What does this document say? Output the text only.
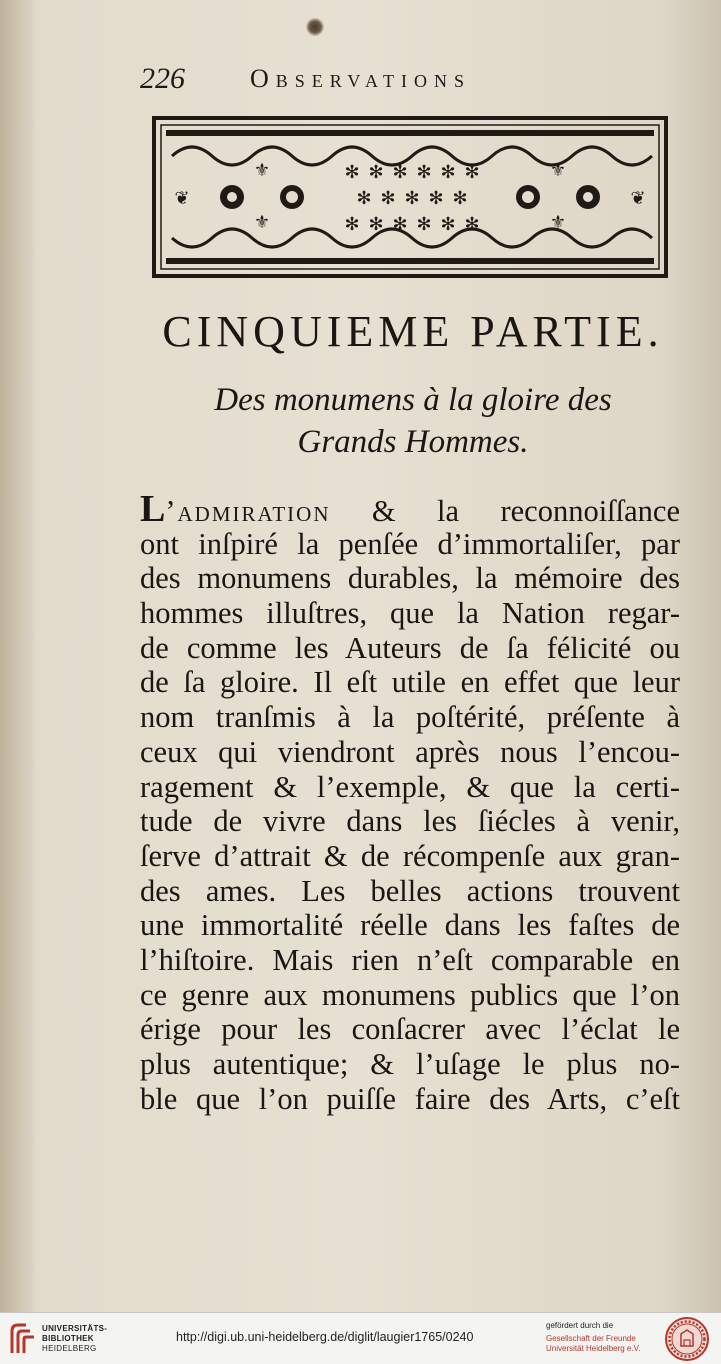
226	Observations
✻ ✻ ✻ ✻ ✻ ✻
✻ ✻ ✻ ✻ ✻
✻ ✻ ✻ ✻ ✻ ✻
❦	❦
⚜	⚜
⚜	⚜
CINQUIEME PARTIE.
Des monumens à la gloire des
Grands Hommes.
L’admiration & la reconnoiſſance
ont inſpiré la penſée d’immortaliſer, par
des monumens durables, la mémoire des
hommes illuſtres, que la Nation regar-
de comme les Auteurs de ſa félicité ou
de ſa gloire. Il eſt utile en effet que leur
nom tranſmis à la poſtérité, préſente à
ceux qui viendront après nous l’encou-
ragement & l’exemple, & que la certi-
tude de vivre dans les ſiécles à venir,
ſerve d’attrait & de récompenſe aux gran-
des ames. Les belles actions trouvent
une immortalité réelle dans les faſtes de
l’hiſtoire. Mais rien n’eſt comparable en
ce genre aux monumens publics que l’on
érige pour les conſacrer avec l’éclat le
plus autentique; & l’uſage le plus no-
ble que l’on puiſſe faire des Arts, c’eſt
UNIVERSITÄTS-
BIBLIOTHEK
HEIDELBERG
http://digi.ub.uni-heidelberg.de/diglit/laugier1765/0240
gefördert durch die
Gesellschaft der Freunde
Universität Heidelberg e.V.
